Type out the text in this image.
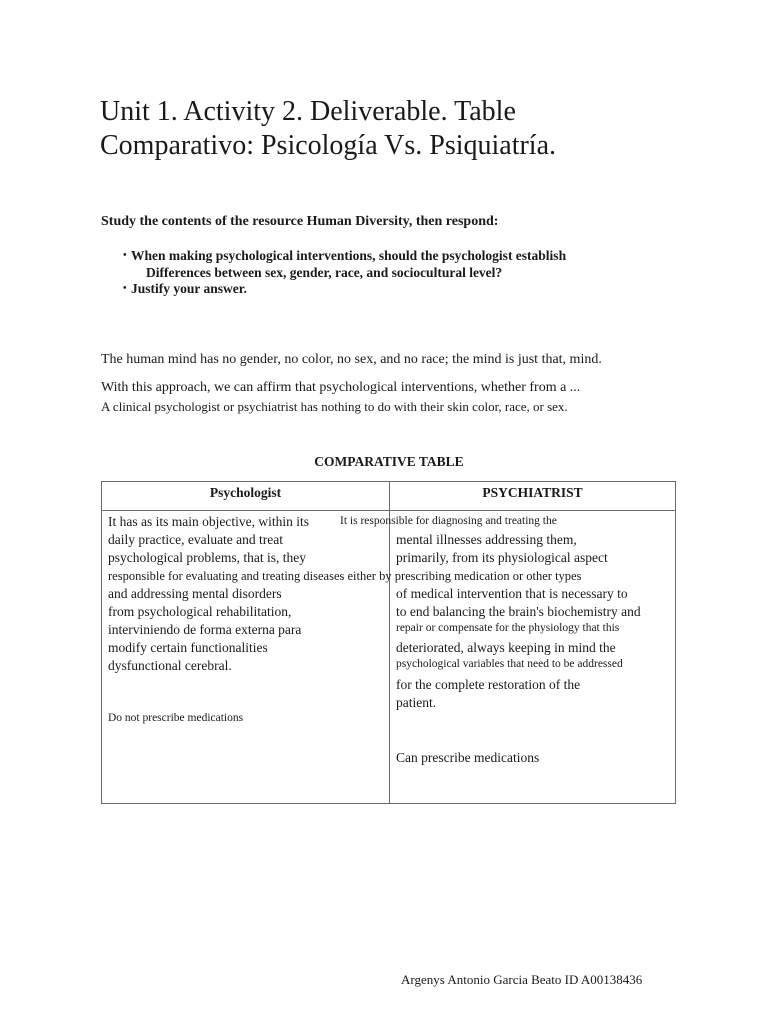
Unit 1. Activity 2. Deliverable. Table
Comparativo: Psicología Vs. Psiquiatría.

Study the contents of the resource Human Diversity, then respond:

• When making psychological interventions, should the psychologist establish
Differences between sex, gender, race, and sociocultural level?
• Justify your answer.

The human mind has no gender, no color, no sex, and no race; the mind is just that, mind.

With this approach, we can affirm that psychological interventions, whether from a ...

A clinical psychologist or psychiatrist has nothing to do with their skin color, race, or sex.

COMPARATIVE TABLE

Psychologist	PSYCHIATRIST
It has as its main objective, within its
daily practice, evaluate and treat
psychological problems, that is, they
responsible for evaluating and treating diseases either by prescribing medication or other types
and addressing mental disorders
from psychological rehabilitation,
interviniendo de forma externa para
modify certain functionalities
dysfunctional cerebral.
Do not prescribe medications
It is responsible for diagnosing and treating the
mental illnesses addressing them,
primarily, from its physiological aspect
of medical intervention that is necessary to
to end balancing the brain's biochemistry and
repair or compensate for the physiology that this
deteriorated, always keeping in mind the
psychological variables that need to be addressed
for the complete restoration of the
patient.
Can prescribe medications

Argenys Antonio Garcia Beato ID A00138436
